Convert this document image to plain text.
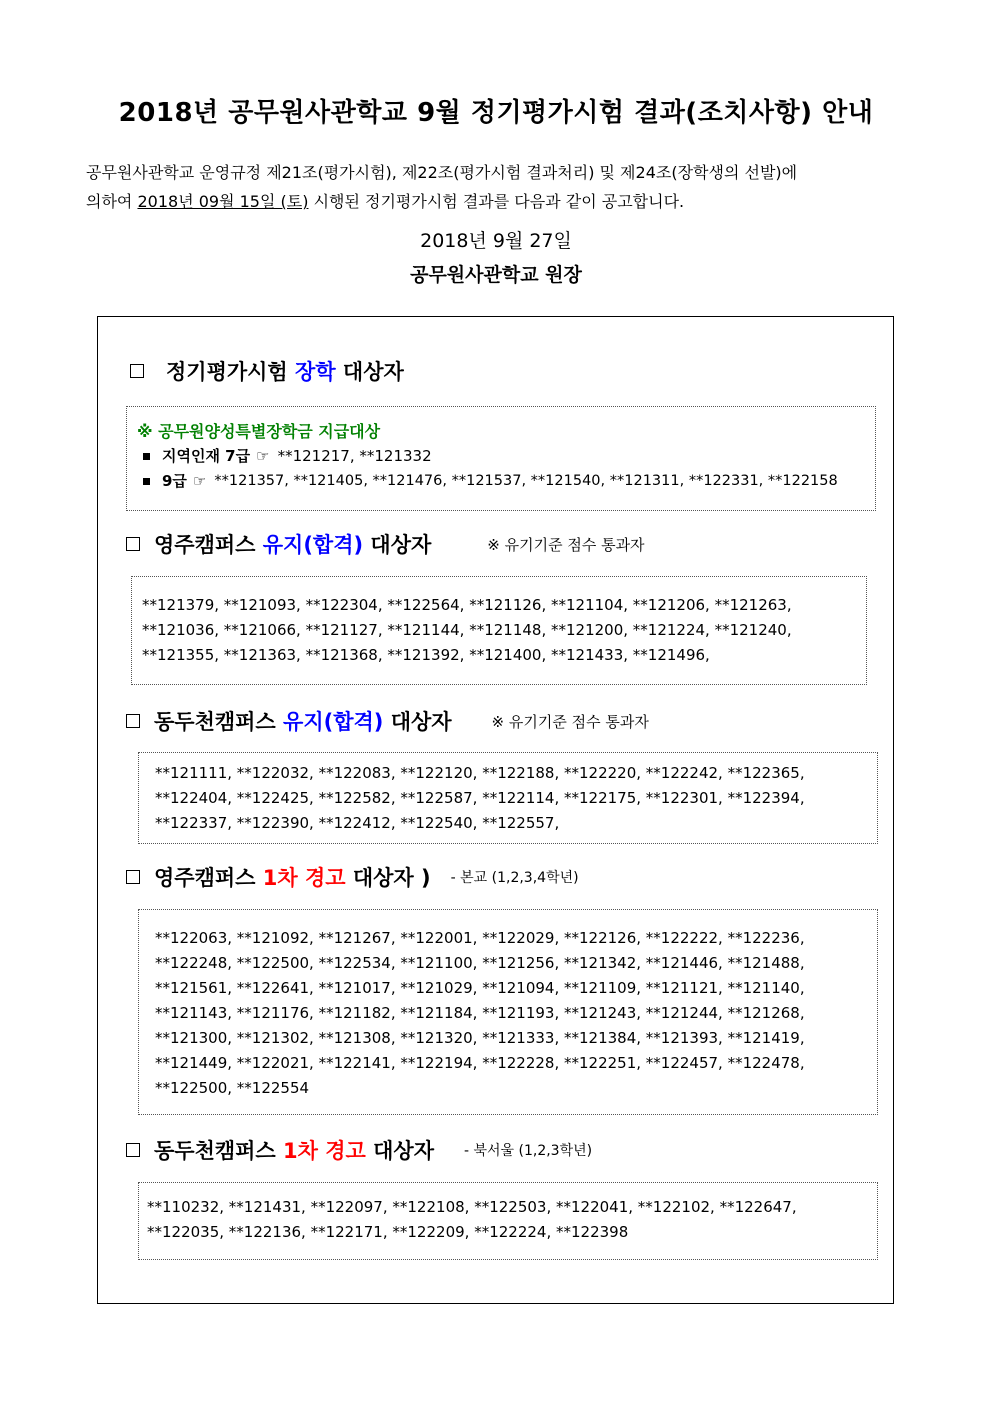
2018년 공무원사관학교 9월 정기평가시험 결과(조치사항) 안내
공무원사관학교 운영규정 제21조(평가시험), 제22조(평가시험 결과처리) 및 제24조(장학생의 선발)에
의하여 2018년 09월 15일 (토) 시행된 정기평가시험 결과를 다음과 같이 공고합니다.
2018년 9월 27일
공무원사관학교 원장
정기평가시험
장학
대상자
※ 공무원양성특별장학금 지급대상
지역인재 7급 ☞ **121217, **121332
9급 ☞ **121357, **121405, **121476, **121537, **121540, **121311, **122331, **122158
영주캠퍼스
유지(합격)
대상자	※ 유기기준 점수 통과자
**121379, **121093, **122304, **122564, **121126, **121104, **121206, **121263,
**121036, **121066, **121127, **121144, **121148, **121200, **121224, **121240,
**121355, **121363, **121368, **121392, **121400, **121433, **121496,
동두천캠퍼스
유지(합격)
대상자	※ 유기기준 점수 통과자
**121111, **122032, **122083, **122120, **122188, **122220, **122242, **122365,
**122404, **122425, **122582, **122587, **122114, **122175, **122301, **122394,
**122337, **122390, **122412, **122540, **122557,
영주캠퍼스
1차 경고
대상자 ) - 본교 (1,2,3,4학년)
**122063, **121092, **121267, **122001, **122029, **122126, **122222, **122236,
**122248, **122500, **122534, **121100, **121256, **121342, **121446, **121488,
**121561, **122641, **121017, **121029, **121094, **121109, **121121, **121140,
**121143, **121176, **121182, **121184, **121193, **121243, **121244, **121268,
**121300, **121302, **121308, **121320, **121333, **121384, **121393, **121419,
**121449, **122021, **122141, **122194, **122228, **122251, **122457, **122478,
**122500, **122554
동두천캠퍼스
1차 경고
대상자 - 북서울 (1,2,3학년)
**110232, **121431, **122097, **122108, **122503, **122041, **122102, **122647,
**122035, **122136, **122171, **122209, **122224, **122398
